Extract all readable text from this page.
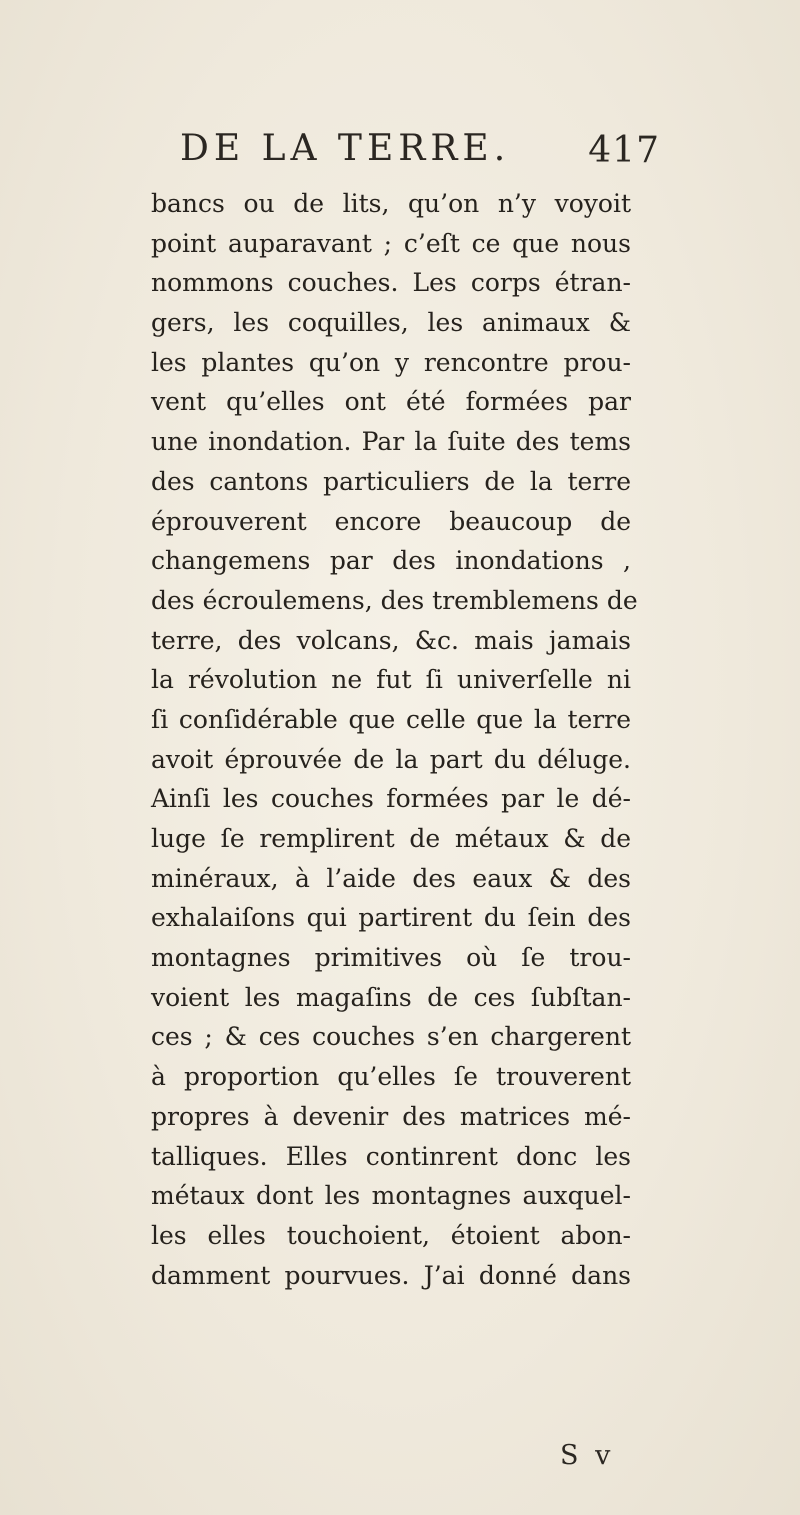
DE LA TERRE. 417
bancs ou de lits, qu’on n’y voyoit
point auparavant ; c’eſt ce que nous
nommons couches. Les corps étran-
gers, les coquilles, les animaux &
les plantes qu’on y rencontre prou-
vent qu’elles ont été formées par
une inondation. Par la ſuite des tems
des cantons particuliers de la terre
éprouverent encore beaucoup de
changemens par des inondations ,
des écroulemens, des tremblemens de
terre, des volcans, &c. mais jamais
la révolution ne fut ſi univerſelle ni
ſi conſidérable que celle que la terre
avoit éprouvée de la part du déluge.
Ainſi les couches formées par le dé-
luge ſe remplirent de métaux & de
minéraux, à l’aide des eaux & des
exhalaiſons qui partirent du ſein des
montagnes primitives où ſe trou-
voient les magaſins de ces ſubſtan-
ces ; & ces couches s’en chargerent
à proportion qu’elles ſe trouverent
propres à devenir des matrices mé-
talliques. Elles continrent donc les
métaux dont les montagnes auxquel-
les elles touchoient, étoient abon-
damment pourvues. J’ai donné dans
S v
